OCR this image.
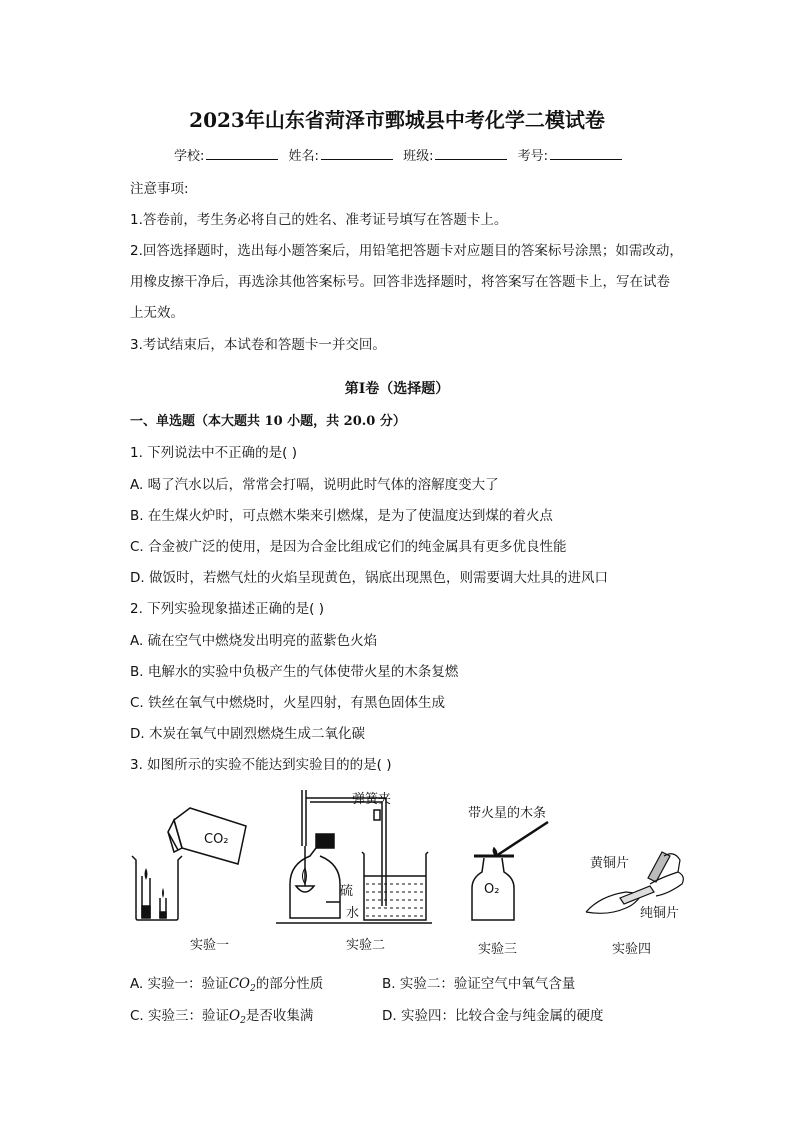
2023年山东省菏泽市鄄城县中考化学二模试卷
学校:	姓名:	班级:	考号:
注意事项:
1.答卷前，考生务必将自己的姓名、准考证号填写在答题卡上。
2.回答选择题时，选出每小题答案后，用铅笔把答题卡对应题目的答案标号涂黑；如需改动，
用橡皮擦干净后，再选涂其他答案标号。回答非选择题时，将答案写在答题卡上，写在试卷
上无效。
3.考试结束后，本试卷和答题卡一并交回。
第Ⅰ卷（选择题）
一、单选题（本大题共 10 小题，共 20.0 分）
1. 下列说法中不正确的是( )
A. 喝了汽水以后，常常会打嗝，说明此时气体的溶解度变大了
B. 在生煤火炉时，可点燃木柴来引燃煤，是为了使温度达到煤的着火点
C. 合金被广泛的使用，是因为合金比组成它们的纯金属具有更多优良性能
D. 做饭时，若燃气灶的火焰呈现黄色，锅底出现黑色，则需要调大灶具的进风口
2. 下列实验现象描述正确的是( )
A. 硫在空气中燃烧发出明亮的蓝紫色火焰
B. 电解水的实验中负极产生的气体使带火星的木条复燃
C. 铁丝在氧气中燃烧时，火星四射，有黑色固体生成
D. 木炭在氧气中剧烈燃烧生成二氧化碳
3. 如图所示的实验不能达到实验目的的是( )
CO₂
弹簧夹
硫
水
带火星的木条
O₂
黄铜片
纯铜片
实验一	实验二	实验三	实验四
A. 实验一：验证$CO_2$的部分性质	B. 实验二：验证空气中氧气含量
C. 实验三：验证$O_2$是否收集满	D. 实验四：比较合金与纯金属的硬度
